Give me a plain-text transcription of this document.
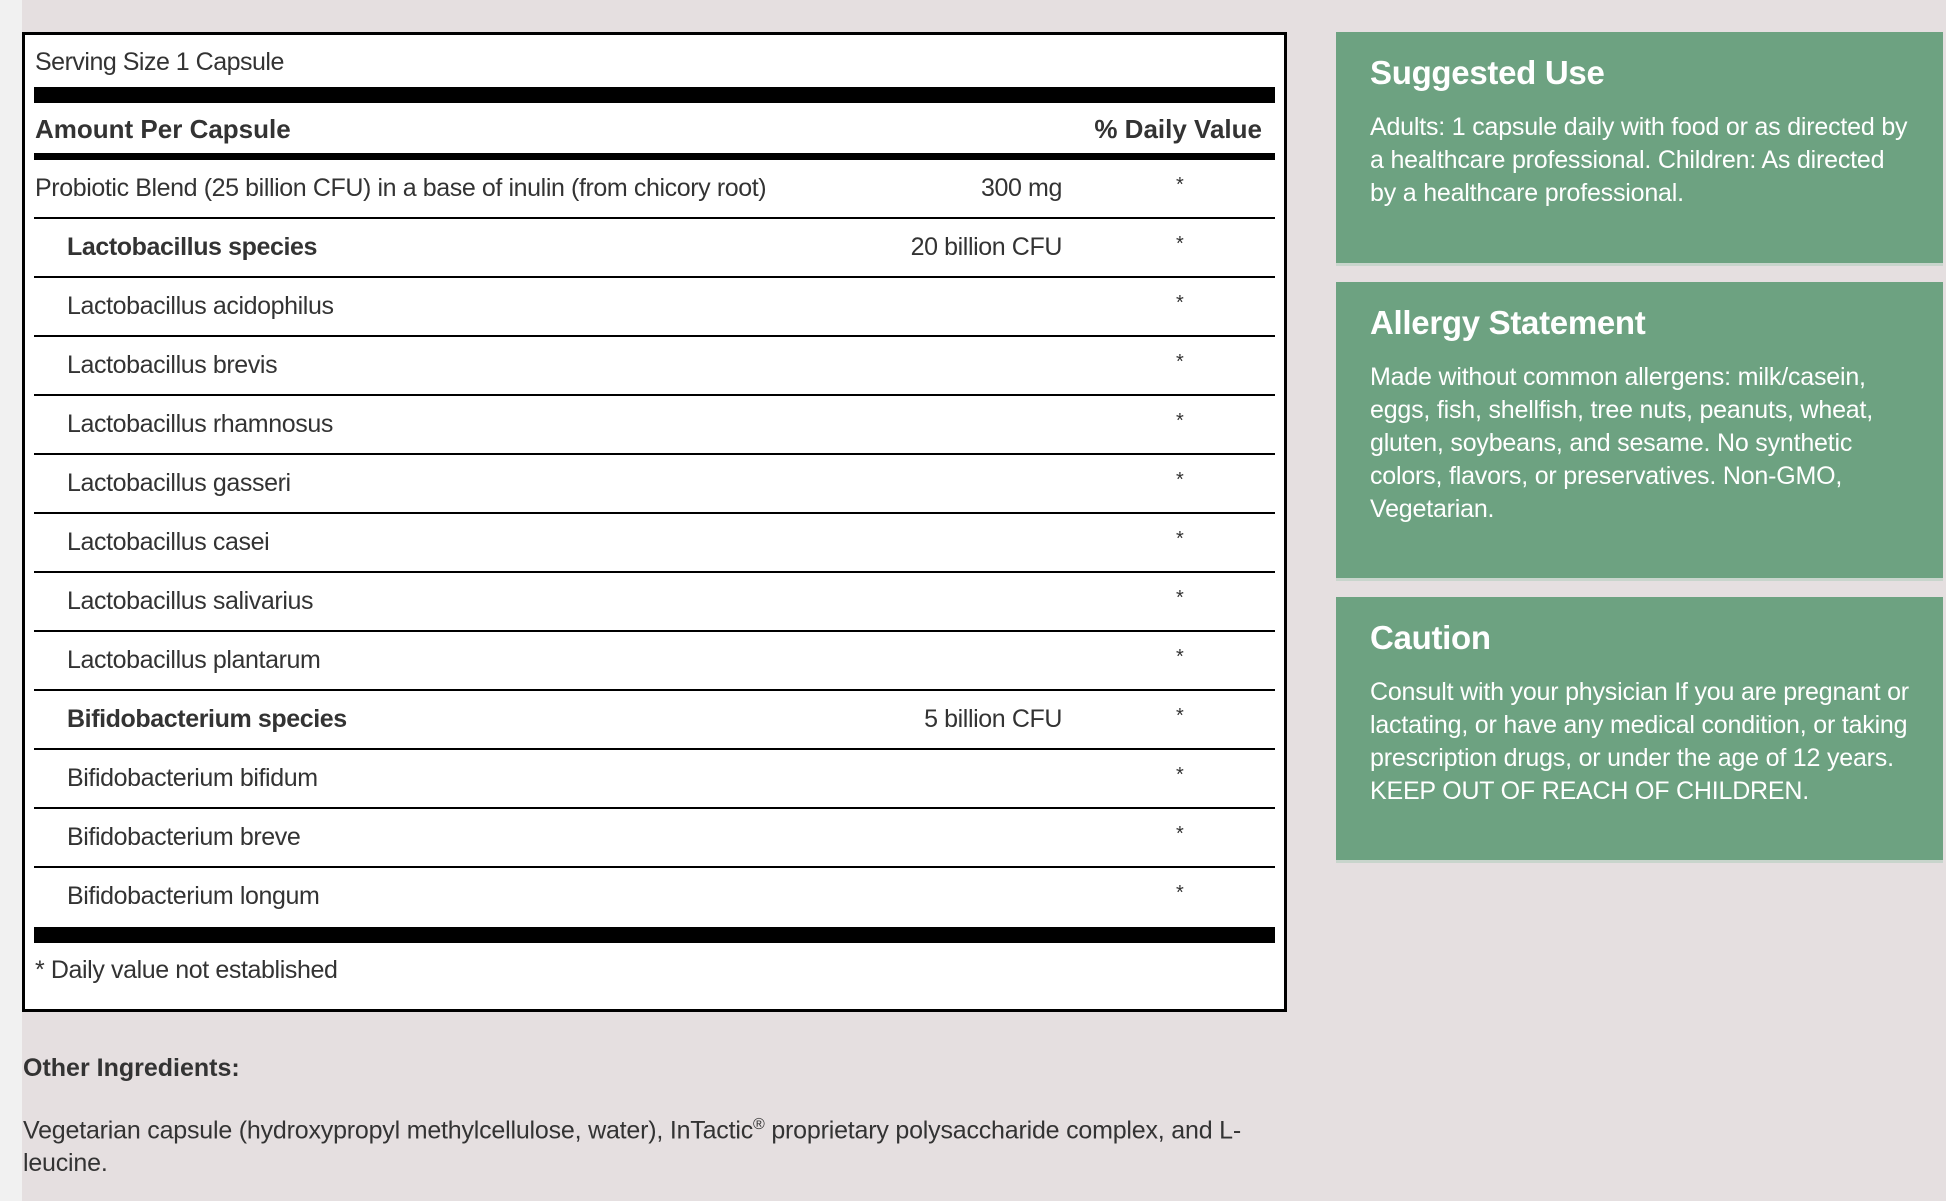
Serving Size 1 Capsule
Amount Per Capsule	% Daily Value
Probiotic Blend (25 billion CFU) in a base of inulin (from chicory root)	300 mg	*
Lactobacillus species	20 billion CFU	*
Lactobacillus acidophilus	*
Lactobacillus brevis	*
Lactobacillus rhamnosus	*
Lactobacillus gasseri	*
Lactobacillus casei	*
Lactobacillus salivarius	*
Lactobacillus plantarum	*
Bifidobacterium species	5 billion CFU	*
Bifidobacterium bifidum	*
Bifidobacterium breve	*
Bifidobacterium longum	*
* Daily value not established
Other Ingredients:
Vegetarian capsule (hydroxypropyl methylcellulose, water), InTactic® proprietary polysaccharide complex, and L-leucine.
Suggested Use

Adults: 1 capsule daily with food or as directed by a healthcare professional. Children: As directed by a healthcare professional.

Allergy Statement

Made without common allergens: milk/casein, eggs, fish, shellfish, tree nuts, peanuts, wheat, gluten, soybeans, and sesame. No synthetic colors, flavors, or preservatives. Non-GMO, Vegetarian.

Caution

Consult with your physician If you are pregnant or lactating, or have any medical condition, or taking prescription drugs, or under the age of 12 years. KEEP OUT OF REACH OF CHILDREN.
